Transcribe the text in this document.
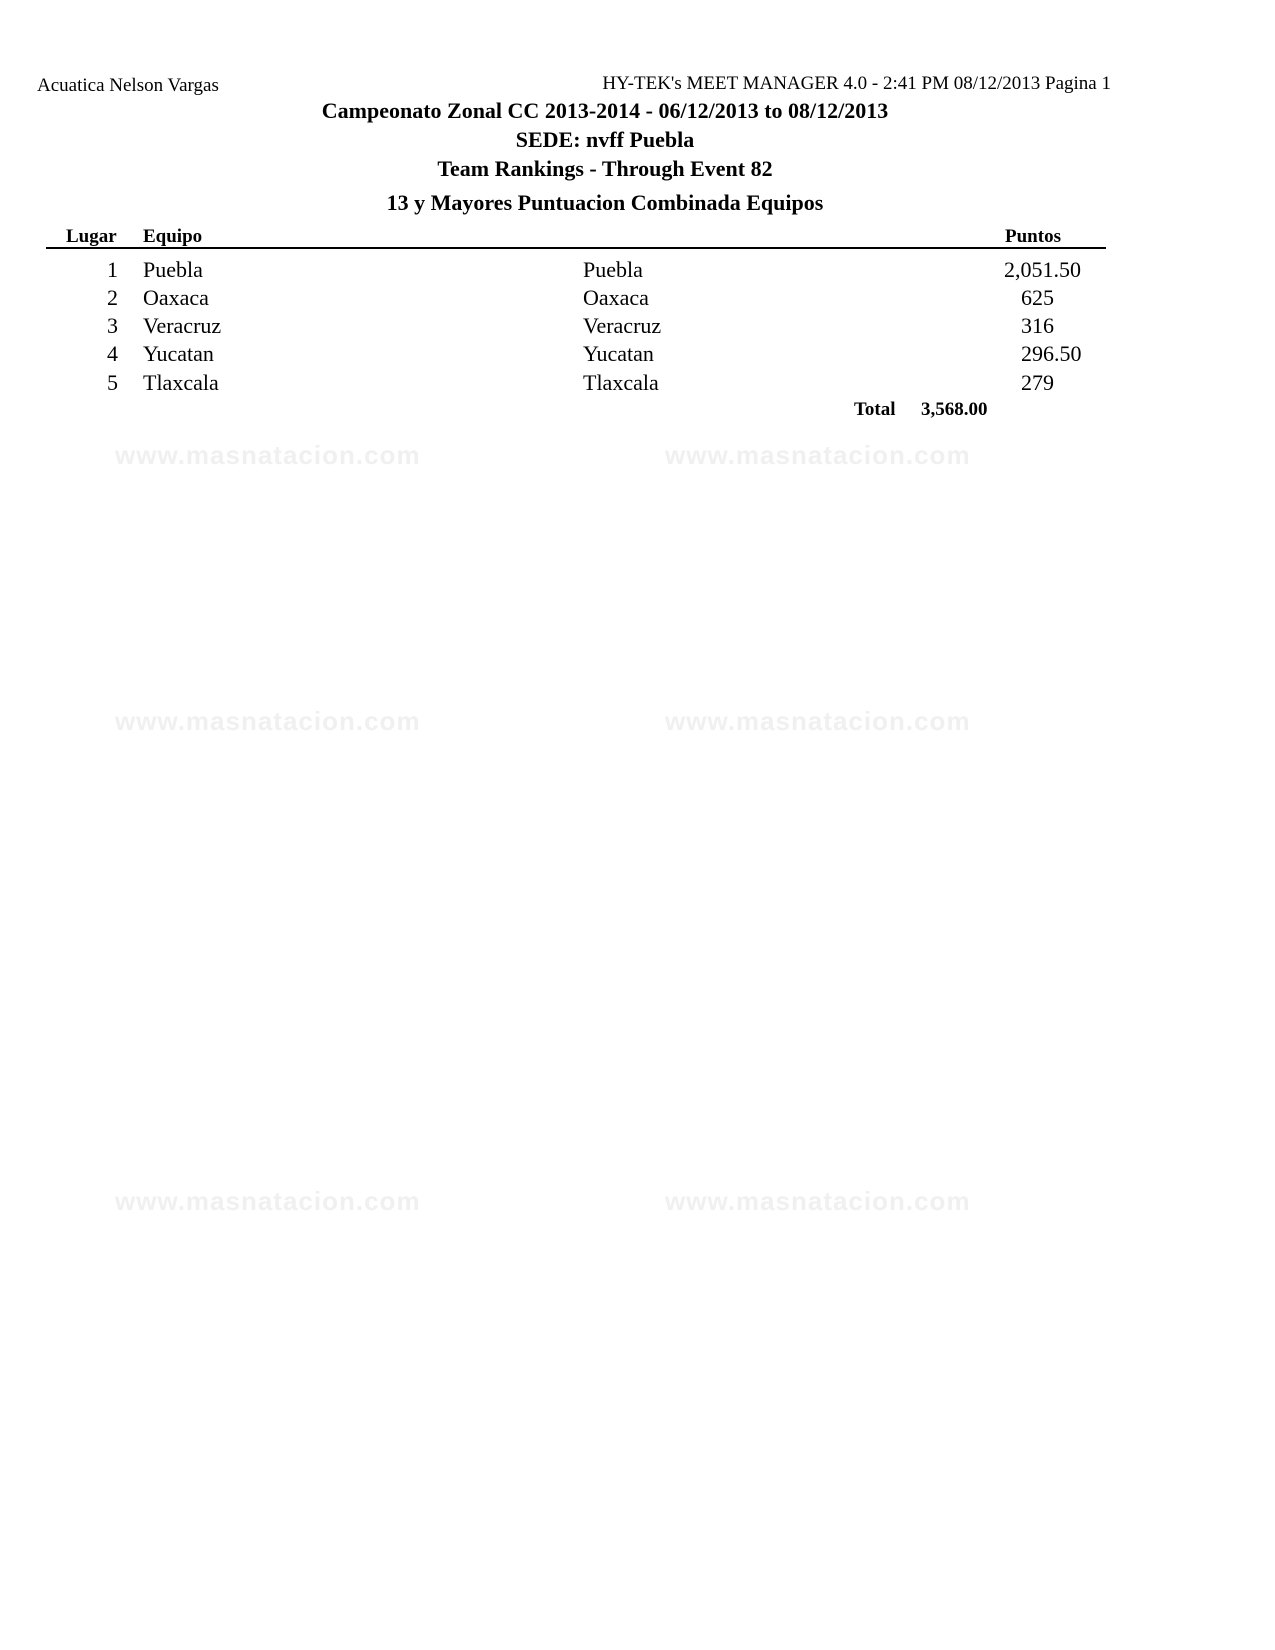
www.masnatacion.com	www.masnatacion.com
www.masnatacion.com	www.masnatacion.com
www.masnatacion.com	www.masnatacion.com
Acuatica Nelson Vargas	HY-TEK's MEET MANAGER 4.0 - 2:41 PM 08/12/2013 Pagina 1
Campeonato Zonal CC 2013-2014 - 06/12/2013 to 08/12/2013
SEDE: nvff Puebla
Team Rankings - Through Event 82
13 y Mayores Puntuacion Combinada Equipos
Lugar Equipo	Puntos
1 Puebla	Puebla	2,051.50
2 Oaxaca	Oaxaca	625
3 Veracruz	Veracruz	316
4 Yucatan	Yucatan	296.50
5 Tlaxcala	Tlaxcala	279
Total 3,568.00
